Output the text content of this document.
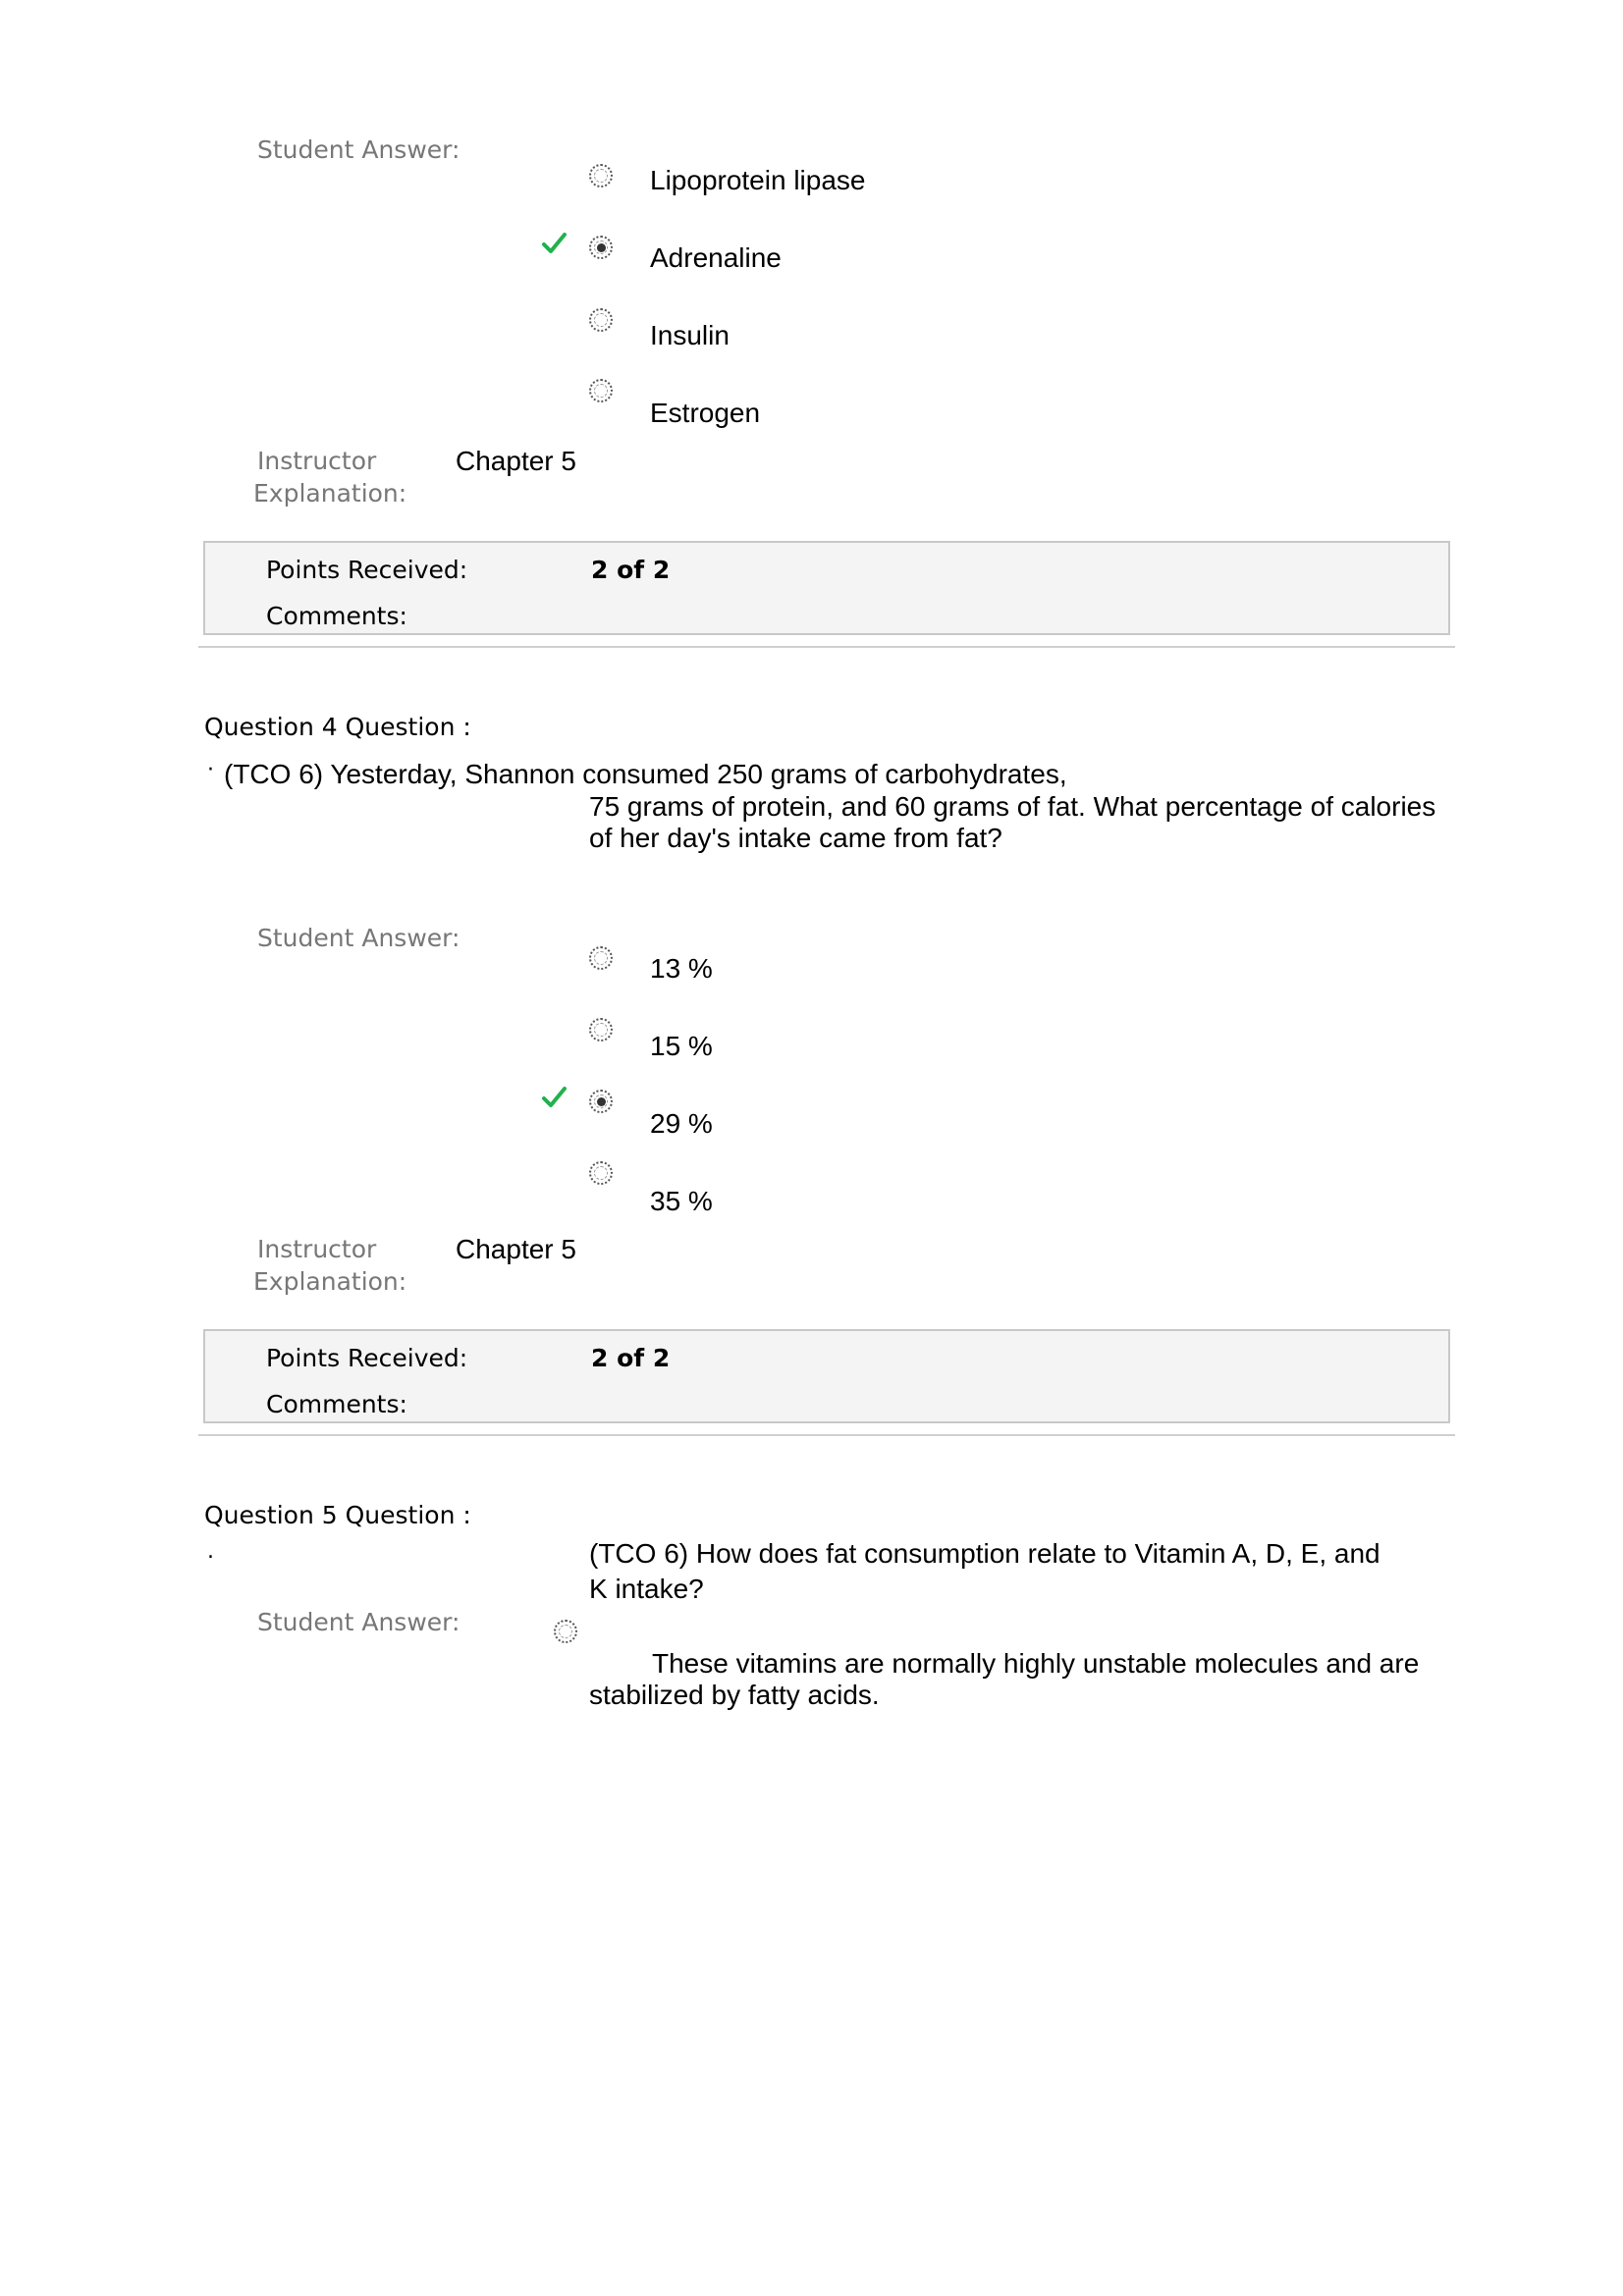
Student Answer:
Lipoprotein lipase
Adrenaline
Insulin
Estrogen
Instructor
Explanation:
Chapter 5
Points Received:	2 of 2
Comments:
Question 4 Question :
· (TCO 6) Yesterday, Shannon consumed 250 grams of carbohydrates,
75 grams of protein, and 60 grams of fat. What percentage of calories
of her day's intake came from fat?
Student Answer:
13 %
15 %
29 %
35 %
Instructor
Explanation:
Chapter 5
Points Received:	2 of 2
Comments:
Question 5 Question :
.	(TCO 6) How does fat consumption relate to Vitamin A, D, E, and
K intake?
Student Answer:
These vitamins are normally highly unstable molecules and are
stabilized by fatty acids.
